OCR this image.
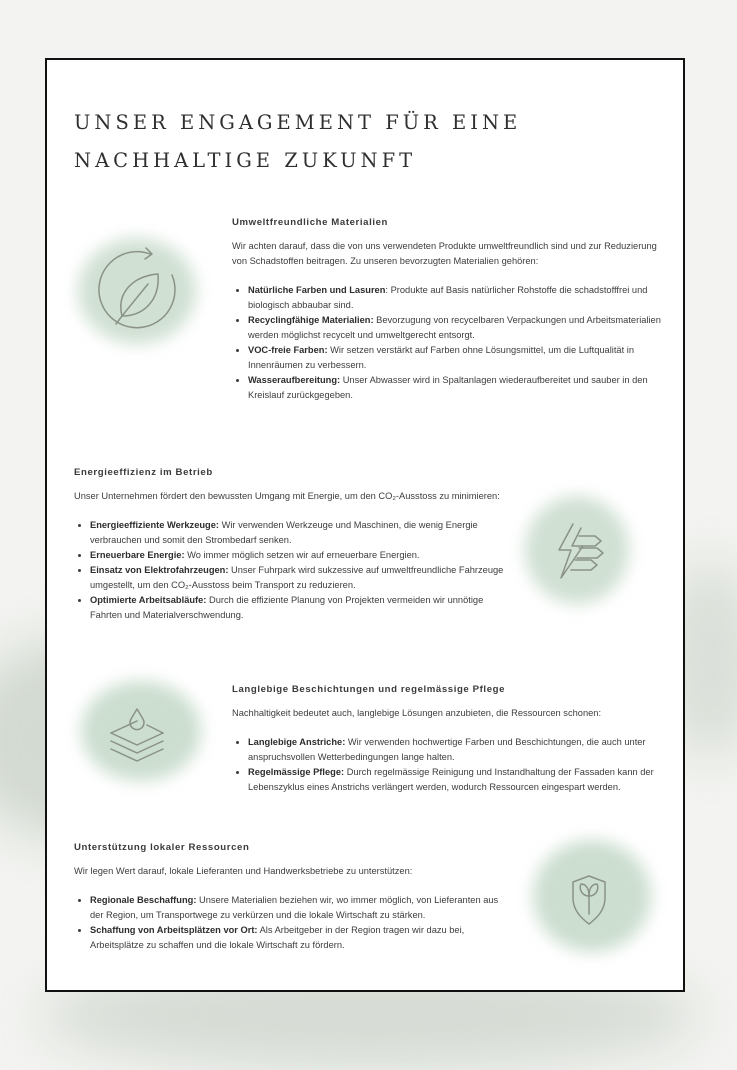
UNSER ENGAGEMENT FÜR EINE NACHHALTIGE ZUKUNFT
Umweltfreundliche Materialien

Wir achten darauf, dass die von uns verwendeten Produkte umweltfreundlich sind und zur Reduzierung von Schadstoffen beitragen. Zu unseren bevorzugten Materialien gehören:

• Natürliche Farben und Lasuren: Produkte auf Basis natürlicher Rohstoffe die schadstofffrei und biologisch abbaubar sind.
• Recyclingfähige Materialien: Bevorzugung von recycelbaren Verpackungen und Arbeitsmaterialien werden möglichst recycelt und umweltgerecht entsorgt.
• VOC-freie Farben: Wir setzen verstärkt auf Farben ohne Lösungsmittel, um die Luftqualität in Innenräumen zu verbessern.
• Wasseraufbereitung: Unser Abwasser wird in Spaltanlagen wiederaufbereitet und sauber in den Kreislauf zurückgegeben.
Energieeffizienz im Betrieb

Unser Unternehmen fördert den bewussten Umgang mit Energie, um den CO₂-Ausstoss zu minimieren:

• Energieeffiziente Werkzeuge: Wir verwenden Werkzeuge und Maschinen, die wenig Energie verbrauchen und somit den Strombedarf senken.
• Erneuerbare Energie: Wo immer möglich setzen wir auf erneuerbare Energien.
• Einsatz von Elektrofahrzeugen: Unser Fuhrpark wird sukzessive auf umweltfreundliche Fahrzeuge umgestellt, um den CO₂-Ausstoss beim Transport zu reduzieren.
• Optimierte Arbeitsabläufe: Durch die effiziente Planung von Projekten vermeiden wir unnötige Fahrten und Materialverschwendung.
Langlebige Beschichtungen und regelmässige Pflege

Nachhaltigkeit bedeutet auch, langlebige Lösungen anzubieten, die Ressourcen schonen:

• Langlebige Anstriche: Wir verwenden hochwertige Farben und Beschichtungen, die auch unter anspruchsvollen Wetterbedingungen lange halten.
• Regelmässige Pflege: Durch regelmässige Reinigung und Instandhaltung der Fassaden kann der Lebenszyklus eines Anstrichs verlängert werden, wodurch Ressourcen eingespart werden.
Unterstützung lokaler Ressourcen

Wir legen Wert darauf, lokale Lieferanten und Handwerksbetriebe zu unterstützen:

• Regionale Beschaffung: Unsere Materialien beziehen wir, wo immer möglich, von Lieferanten aus der Region, um Transportwege zu verkürzen und die lokale Wirtschaft zu stärken.
• Schaffung von Arbeitsplätzen vor Ort: Als Arbeitgeber in der Region tragen wir dazu bei, Arbeitsplätze zu schaffen und die lokale Wirtschaft zu fördern.
